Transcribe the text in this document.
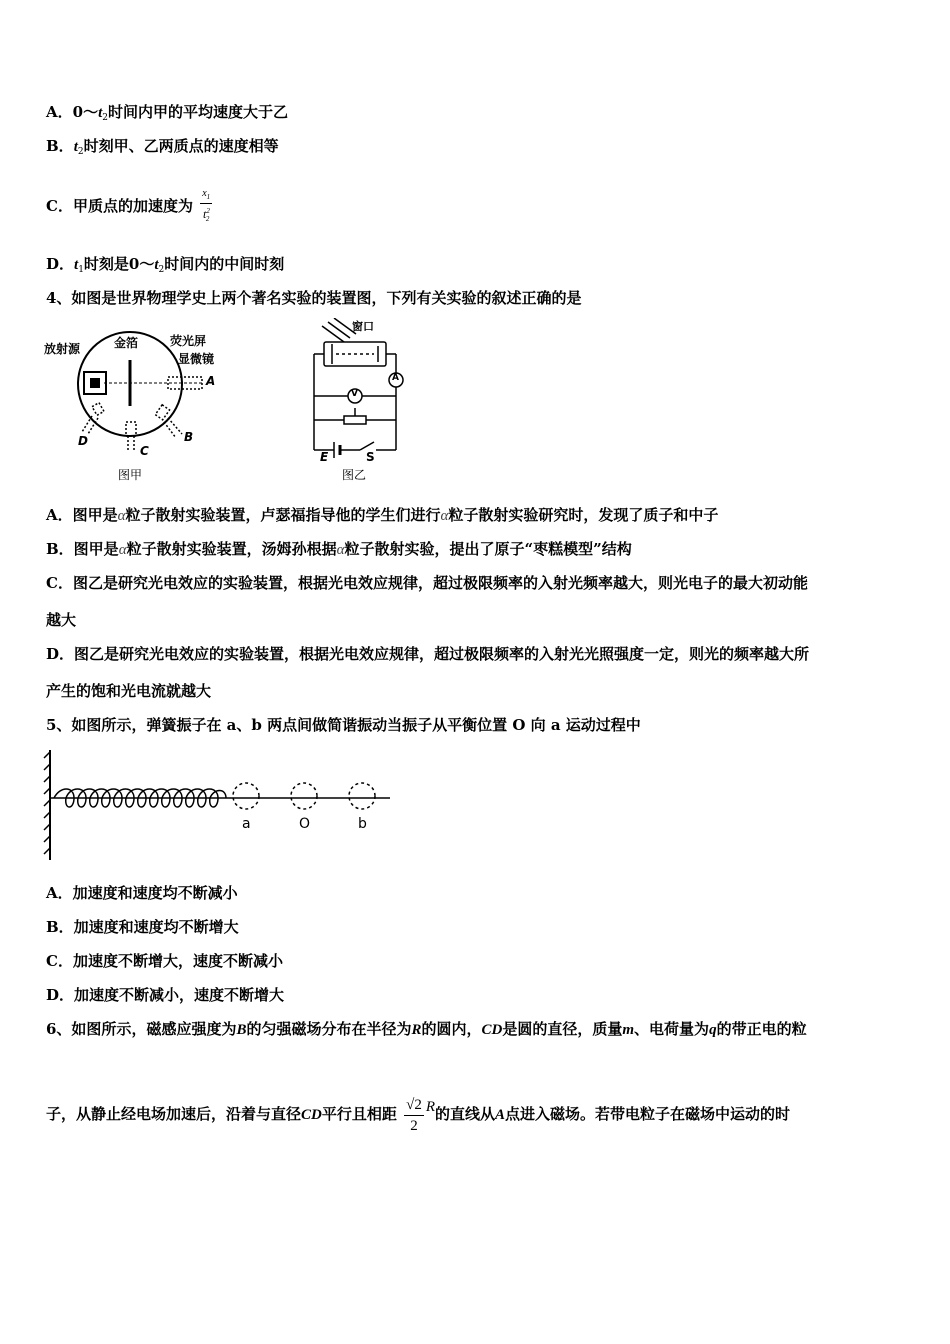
A．$0\sim t_2$时间内甲的平均速度大于乙
B．$t_2$时刻甲、乙两质点的速度相等
C．甲质点的加速度为 $\frac{x_1}{t^2_2}$
D．$t_1$时刻是$0\sim t_2$时间内的中间时刻
4、如图是世界物理学史上两个著名实验的装置图，下列有关实验的叙述正确的是
放射源	金箔	荧光屏
显微镜
A
B
C
D
图甲
窗口
A
V
E	S
图乙
A．图甲是α粒子散射实验装置，卢瑟福指导他的学生们进行α粒子散射实验研究时，发现了质子和中子
B．图甲是α粒子散射实验装置，汤姆孙根据α粒子散射实验，提出了原子“枣糕模型”结构
C．图乙是研究光电效应的实验装置，根据光电效应规律，超过极限频率的入射光频率越大，则光电子的最大初动能
越大
D．图乙是研究光电效应的实验装置，根据光电效应规律，超过极限频率的入射光光照强度一定，则光的频率越大所
产生的饱和光电流就越大
5、如图所示，弹簧振子在 a、b 两点间做简谐振动当振子从平衡位置 O 向 a 运动过程中
a	O	b
A．加速度和速度均不断减小
B．加速度和速度均不断增大
C．加速度不断增大，速度不断减小
D．加速度不断减小，速度不断增大
6、如图所示，磁感应强度为B的匀强磁场分布在半径为R的圆内，CD是圆的直径，质量m、电荷量为q的带正电的粒
子，从静止经电场加速后，沿着与直径CD平行且相距 $\frac{√2}{2}$ R的直线从A点进入磁场。若带电粒子在磁场中运动的时
